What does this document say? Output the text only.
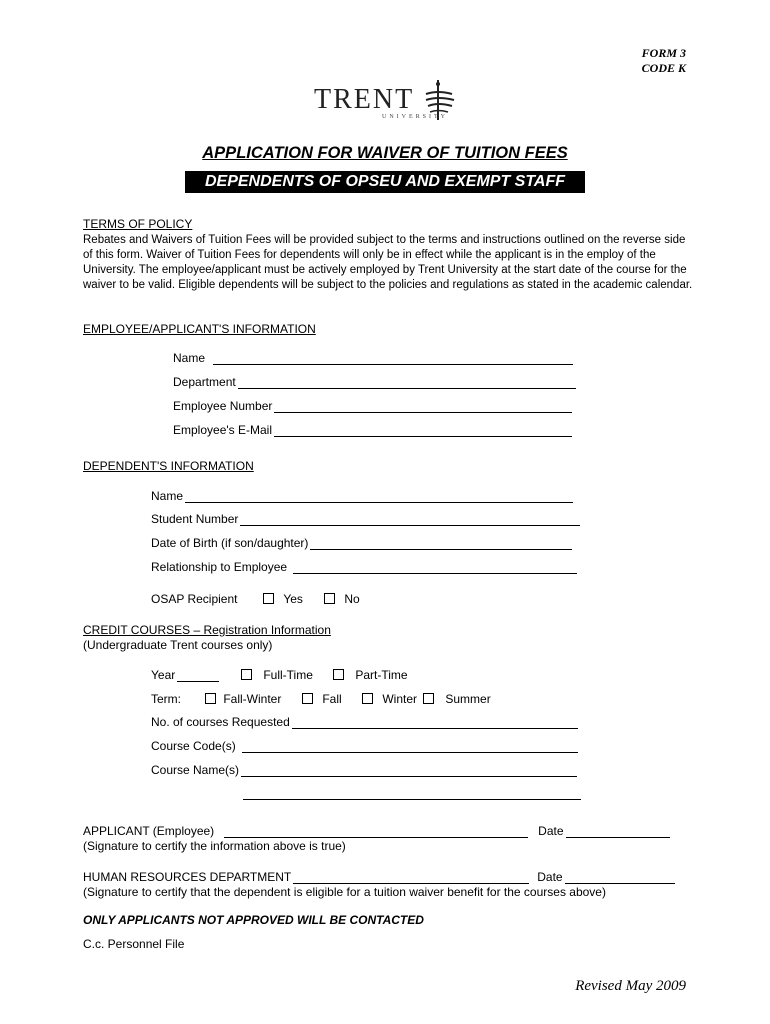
FORM 3
CODE K
TRENT
UNIVERSITY
APPLICATION FOR WAIVER OF TUITION FEES
DEPENDENTS OF OPSEU AND EXEMPT STAFF
TERMS OF POLICY
Rebates and Waivers of Tuition Fees will be provided subject to the terms and instructions outlined on the reverse side of this form. Waiver of Tuition Fees for dependents will only be in effect while the applicant is in the employ of the University. The employee/applicant must be actively employed by Trent University at the start date of the course for the waiver to be valid. Eligible dependents will be subject to the policies and regulations as stated in the academic calendar.
EMPLOYEE/APPLICANT'S INFORMATION
Name
Department
Employee Number
Employee's E-Mail
DEPENDENT'S INFORMATION
Name
Student Number
Date of Birth (if son/daughter)
Relationship to Employee
OSAP Recipient	Yes	No
CREDIT COURSES – Registration Information
(Undergraduate Trent courses only)
Year	Full-Time	Part-Time
Term:	Fall-Winter	Fall	Winter	Summer
No. of courses Requested
Course Code(s)
Course Name(s)
APPLICANT (Employee)	Date
(Signature to certify the information above is true)
HUMAN RESOURCES DEPARTMENT	Date
(Signature to certify that the dependent is eligible for a tuition waiver benefit for the courses above)
ONLY APPLICANTS NOT APPROVED WILL BE CONTACTED
C.c. Personnel File
Revised May 2009
